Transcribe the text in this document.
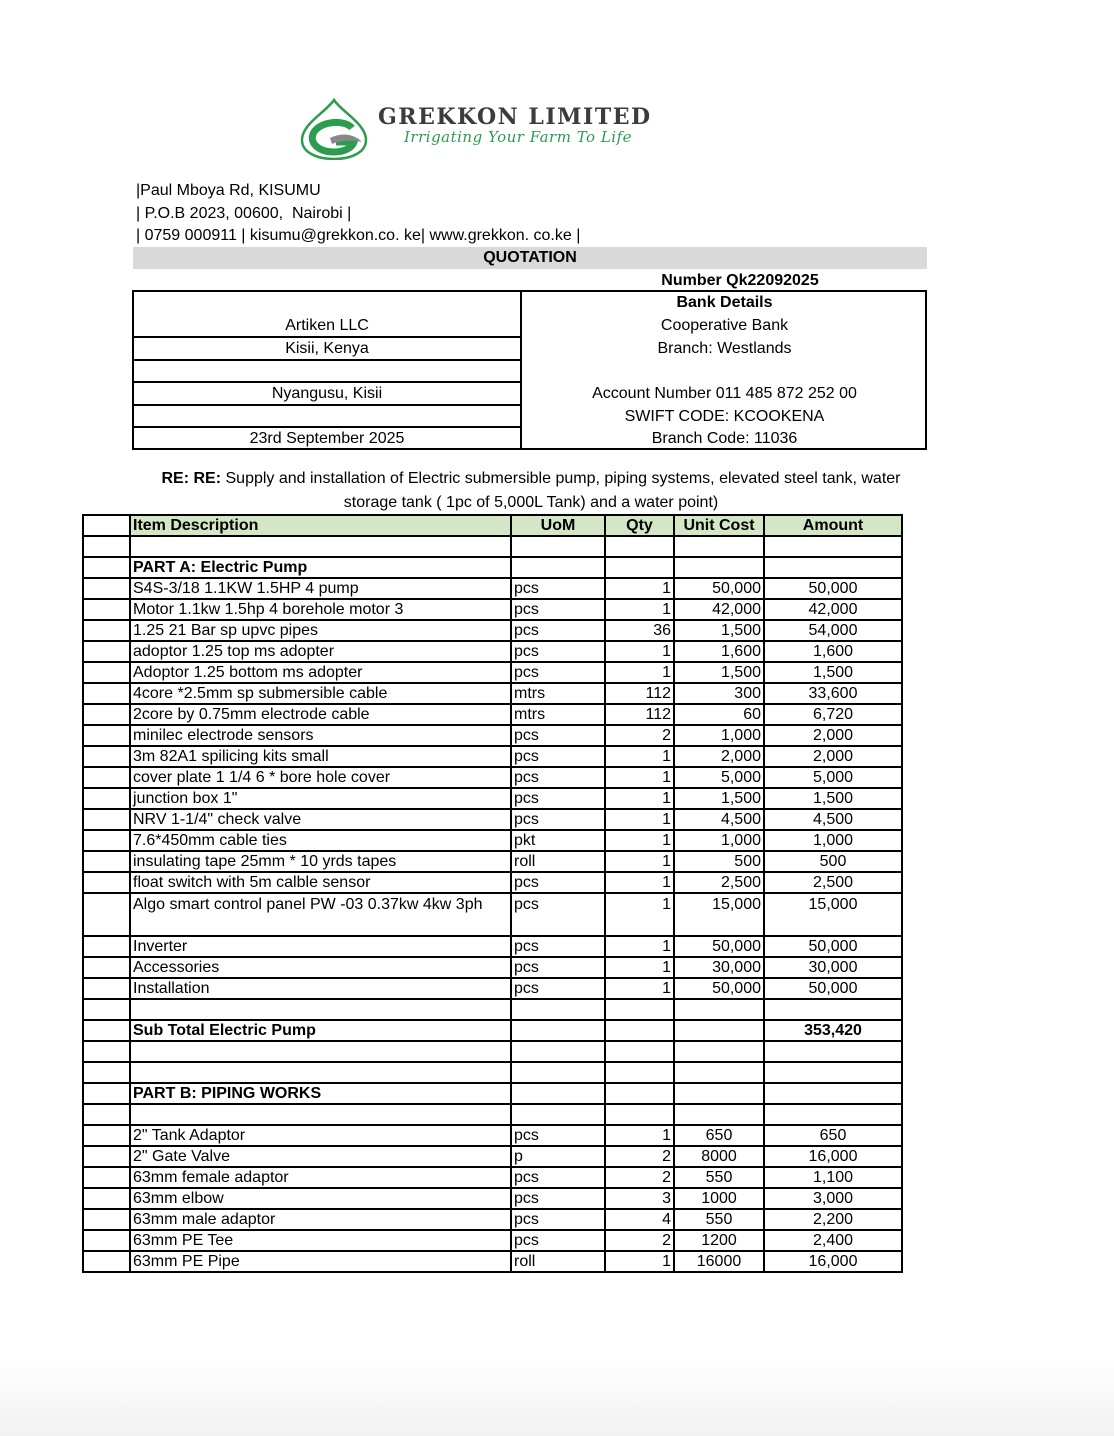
GREKKON LIMITED
Irrigating Your Farm To Life
|Paul Mboya Rd, KISUMU
| P.O.B 2023, 00600,  Nairobi |
| 0759 000911 | kisumu@grekkon.co. ke| www.grekkon. co.ke |
QUOTATION
Number Qk22092025
Artiken LLC
Kisii, Kenya
Nyangusu, Kisii
23rd September 2025
Bank Details
Cooperative Bank
Branch: Westlands
Account Number 011 485 872 252 00
SWIFT CODE: KCOOKENA
Branch Code: 11036
RE: RE: Supply and installation of Electric submersible pump, piping systems, elevated steel tank, water storage tank ( 1pc of 5,000L Tank) and a water point)
	Item Description	UoM	Qty	Unit Cost	Amount

	PART A: Electric Pump				
	S4S-3/18 1.1KW 1.5HP 4 pump	pcs	1	50,000	50,000
	Motor 1.1kw 1.5hp 4 borehole motor 3	pcs	1	42,000	42,000
	1.25 21 Bar sp upvc pipes	pcs	36	1,500	54,000
	adoptor 1.25 top ms adopter	pcs	1	1,600	1,600
	Adoptor 1.25 bottom ms adopter	pcs	1	1,500	1,500
	4core *2.5mm sp submersible cable	mtrs	112	300	33,600
	2core by 0.75mm electrode cable	mtrs	112	60	6,720
	minilec electrode sensors	pcs	2	1,000	2,000
	3m 82A1 spilicing kits small	pcs	1	2,000	2,000
	cover plate 1 1/4 6 * bore hole cover	pcs	1	5,000	5,000
	junction box 1"	pcs	1	1,500	1,500
	NRV 1-1/4" check valve	pcs	1	4,500	4,500
	7.6*450mm cable ties	pkt	1	1,000	1,000
	insulating tape 25mm * 10 yrds tapes	roll	1	500	500
	float switch with 5m calble sensor	pcs	1	2,500	2,500
	Algo smart control panel PW -03 0.37kw 4kw 3ph	pcs	1	15,000	15,000
	Inverter	pcs	1	50,000	50,000
	Accessories	pcs	1	30,000	30,000
	Installation	pcs	1	50,000	50,000

	Sub Total Electric Pump				353,420

	PART B: PIPING WORKS				

	2" Tank Adaptor	pcs	1	650	650
	2" Gate Valve	p	2	8000	16,000
	63mm female adaptor	pcs	2	550	1,100
	63mm elbow	pcs	3	1000	3,000
	63mm male adaptor	pcs	4	550	2,200
	63mm PE Tee	pcs	2	1200	2,400
	63mm PE Pipe	roll	1	16000	16,000
